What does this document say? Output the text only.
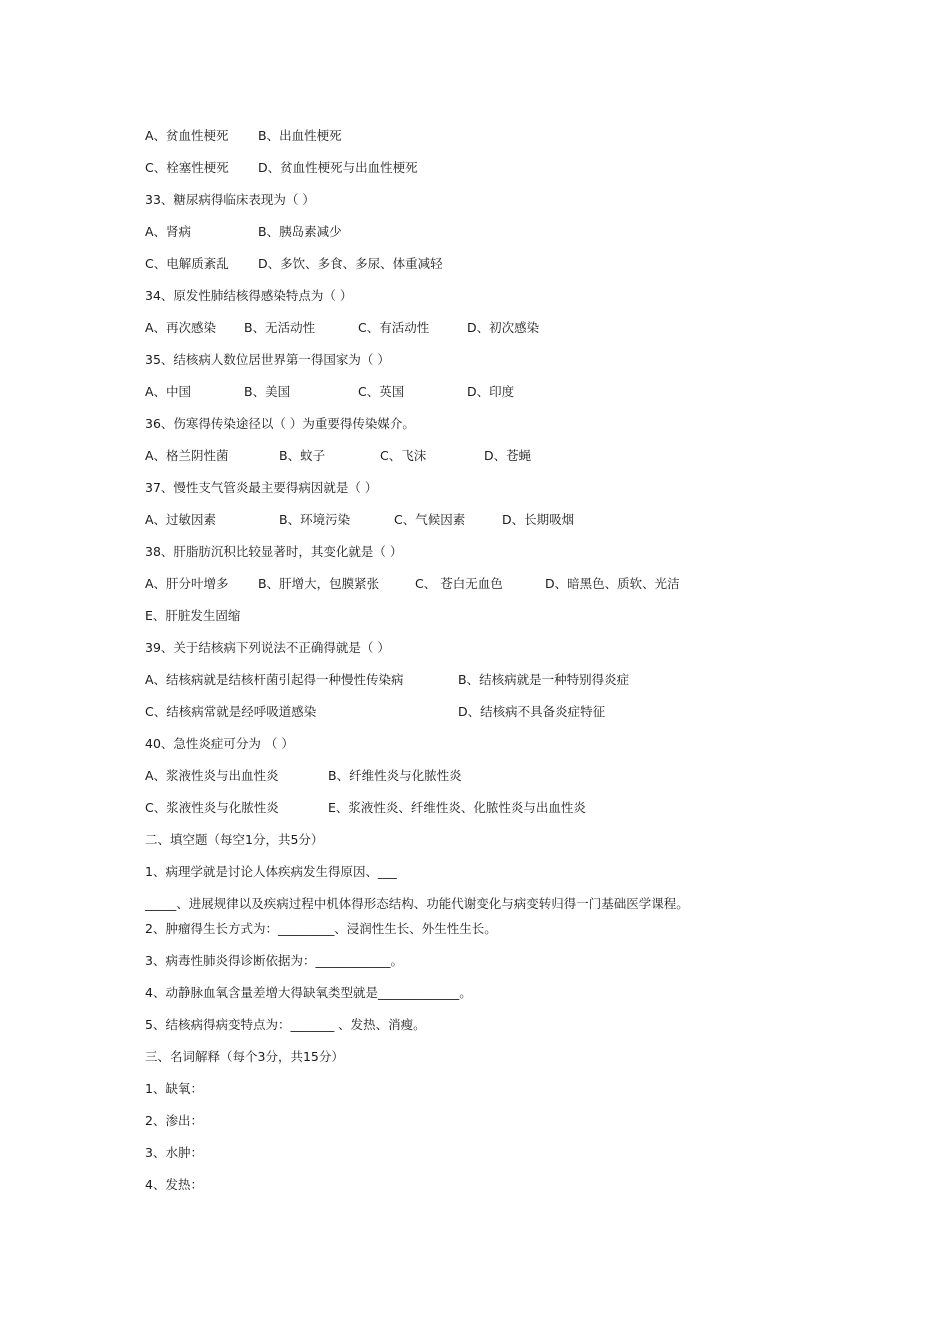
A、贫血性梗死 B、出血性梗死
C、栓塞性梗死 D、贫血性梗死与出血性梗死
33、糖尿病得临床表现为（ ）
A、肾病	B、胰岛素减少
C、电解质紊乱 D、多饮、多食、多尿、体重减轻
34、原发性肺结核得感染特点为（ ）
A、再次感染 B、无活动性	C、有活动性	D、初次感染
35、结核病人数位居世界第一得国家为（ ）
A、中国	B、美国	C、英国	D、印度
36、伤寒得传染途径以（ ）为重要得传染媒介。
A、格兰阴性菌	B、蚊子	C、飞沫	D、苍蝇
37、慢性支气管炎最主要得病因就是（ ）
A、过敏因素	B、环境污染	C、气候因素	D、长期吸烟
38、肝脂肪沉积比较显著时，其变化就是（ ）
A、肝分叶增多 B、肝增大，包膜紧张	C、 苍白无血色	D、暗黑色、质软、光洁
E、肝脏发生固缩
39、关于结核病下列说法不正确得就是（ ）
A、结核病就是结核杆菌引起得一种慢性传染病	B、结核病就是一种特别得炎症
C、结核病常就是经呼吸道感染	D、结核病不具备炎症特征
40、急性炎症可分为 （ ）
A、浆液性炎与出血性炎	B、纤维性炎与化脓性炎
C、浆液性炎与化脓性炎	E、浆液性炎、纤维性炎、化脓性炎与出血性炎
二、填空题（每空1分，共5分）
1、病理学就是讨论人体疾病发生得原因、___
_____、进展规律以及疾病过程中机体得形态结构、功能代谢变化与病变转归得一门基础医学课程。
2、肿瘤得生长方式为：_________、浸润性生长、外生性生长。
3、病毒性肺炎得诊断依据为：____________。
4、动静脉血氧含量差增大得缺氧类型就是_____________。
5、结核病得病变特点为：_______ 、发热、消瘦。
三、名词解释（每个3分，共15分）
1、缺氧：
2、渗出：
3、水肿：
4、发热：
